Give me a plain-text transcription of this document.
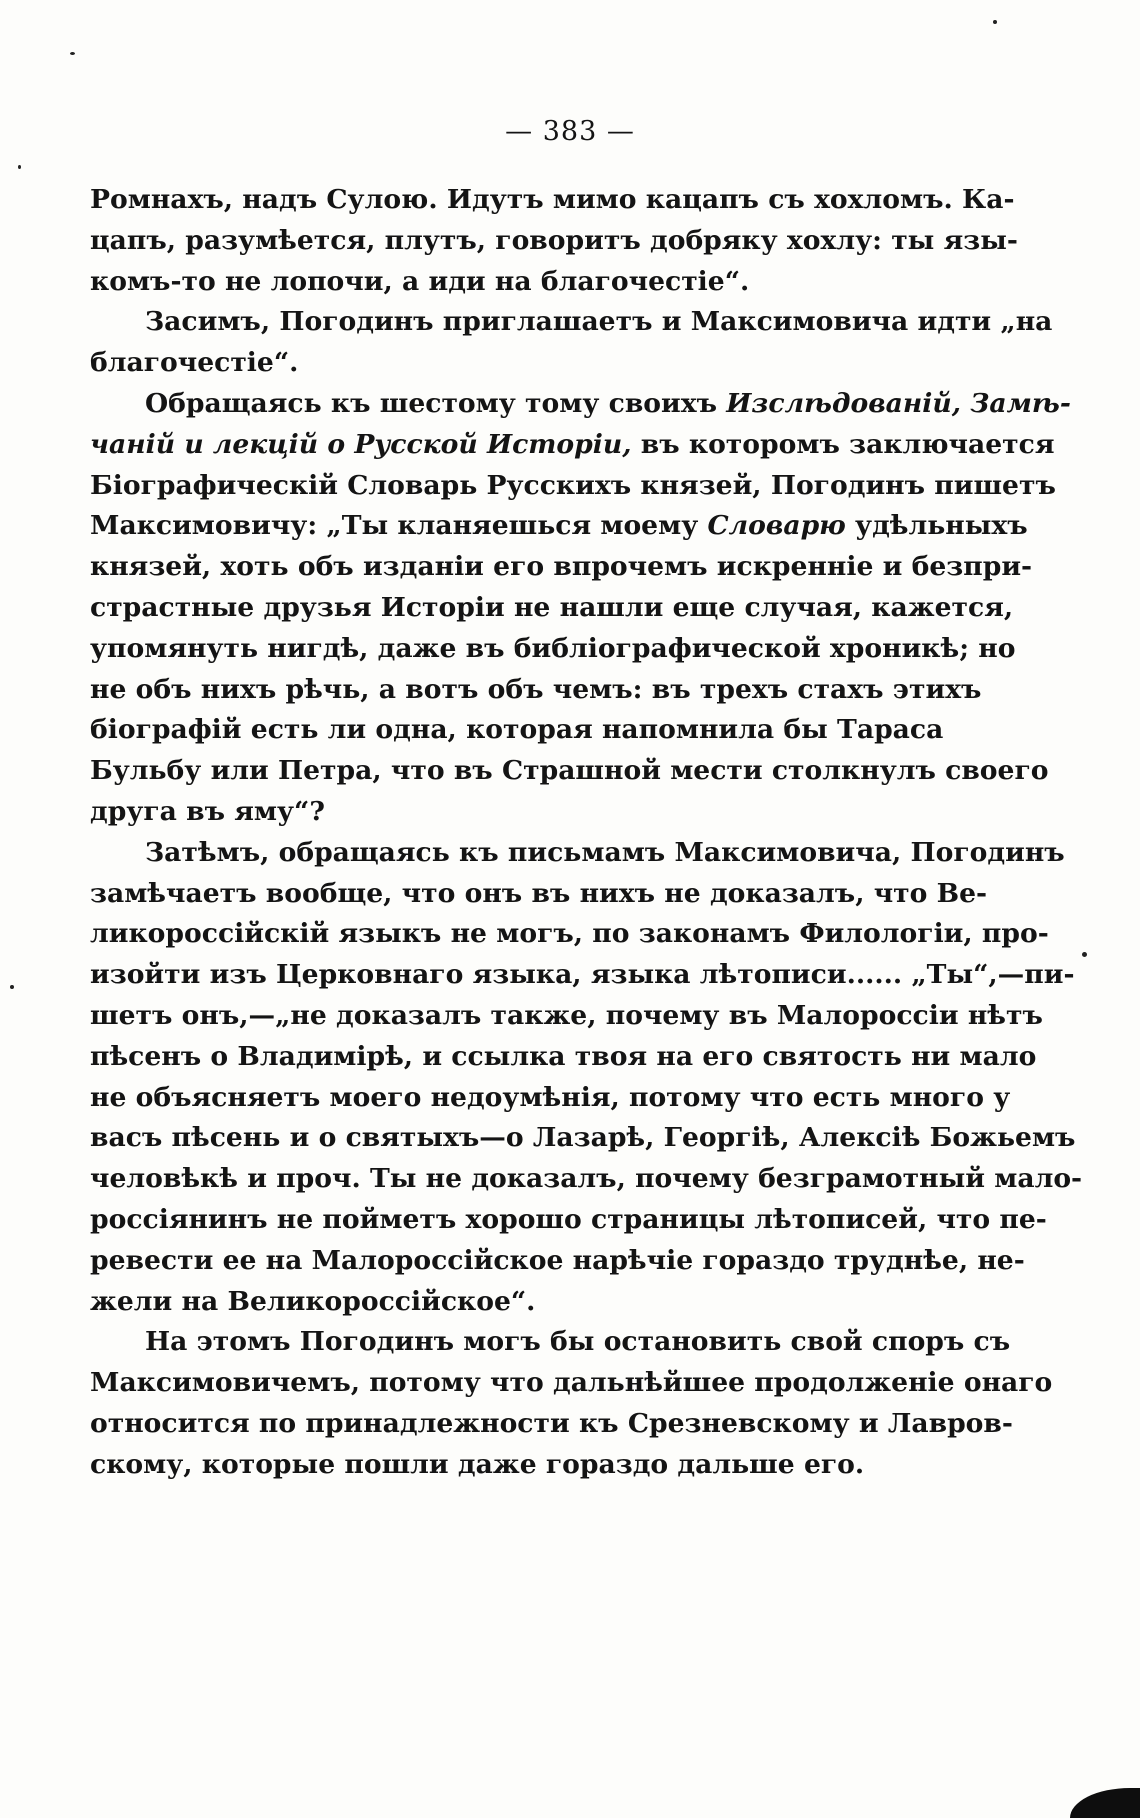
— 383 —
Ромнахъ, надъ Сулою. Идутъ мимо кацапъ съ хохломъ. Ка-
цапъ, разумѣется, плутъ, говоритъ добряку хохлу: ты язы-
комъ-то не лопочи, а иди на благочестіе“.
Засимъ, Погодинъ приглашаетъ и Максимовича идти „на
благочестіе“.
Обращаясь къ шестому тому своихъ Изслѣдованій, Замѣ-
чаній и лекцій о Русской Исторіи, въ которомъ заключается
Біографическій Словарь Русскихъ князей, Погодинъ пишетъ
Максимовичу: „Ты кланяешься моему Словарю удѣльныхъ
князей, хоть объ изданіи его впрочемъ искренніе и безпри-
страстные друзья Исторіи не нашли еще случая, кажется,
упомянуть нигдѣ, даже въ библіографической хроникѣ; но
не объ нихъ рѣчь, а вотъ объ чемъ: въ трехъ стахъ этихъ
біографій есть ли одна, которая напомнила бы Тараса
Бульбу или Петра, что въ Страшной мести столкнулъ своего
друга въ яму“?
Затѣмъ, обращаясь къ письмамъ Максимовича, Погодинъ
замѣчаетъ вообще, что онъ въ нихъ не доказалъ, что Ве-
ликороссійскій языкъ не могъ, по законамъ Филологіи, про-
изойти изъ Церковнаго языка, языка лѣтописи...... „Ты“,—пи-
шетъ онъ,—„не доказалъ также, почему въ Малороссіи нѣтъ
пѣсенъ о Владимірѣ, и ссылка твоя на его святость ни мало
не объясняетъ моего недоумѣнія, потому что есть много у
васъ пѣсень и о святыхъ—о Лазарѣ, Георгіѣ, Алексіѣ Божьемъ
человѣкѣ и проч. Ты не доказалъ, почему безграмотный мало-
россіянинъ не пойметъ хорошо страницы лѣтописей, что пе-
ревести ее на Малороссійское нарѣчіе гораздо труднѣе, не-
жели на Великороссійское“.
На этомъ Погодинъ могъ бы остановить свой споръ съ
Максимовичемъ, потому что дальнѣйшее продолженіе онаго
относится по принадлежности къ Срезневскому и Лавров-
скому, которые пошли даже гораздо дальше его.
